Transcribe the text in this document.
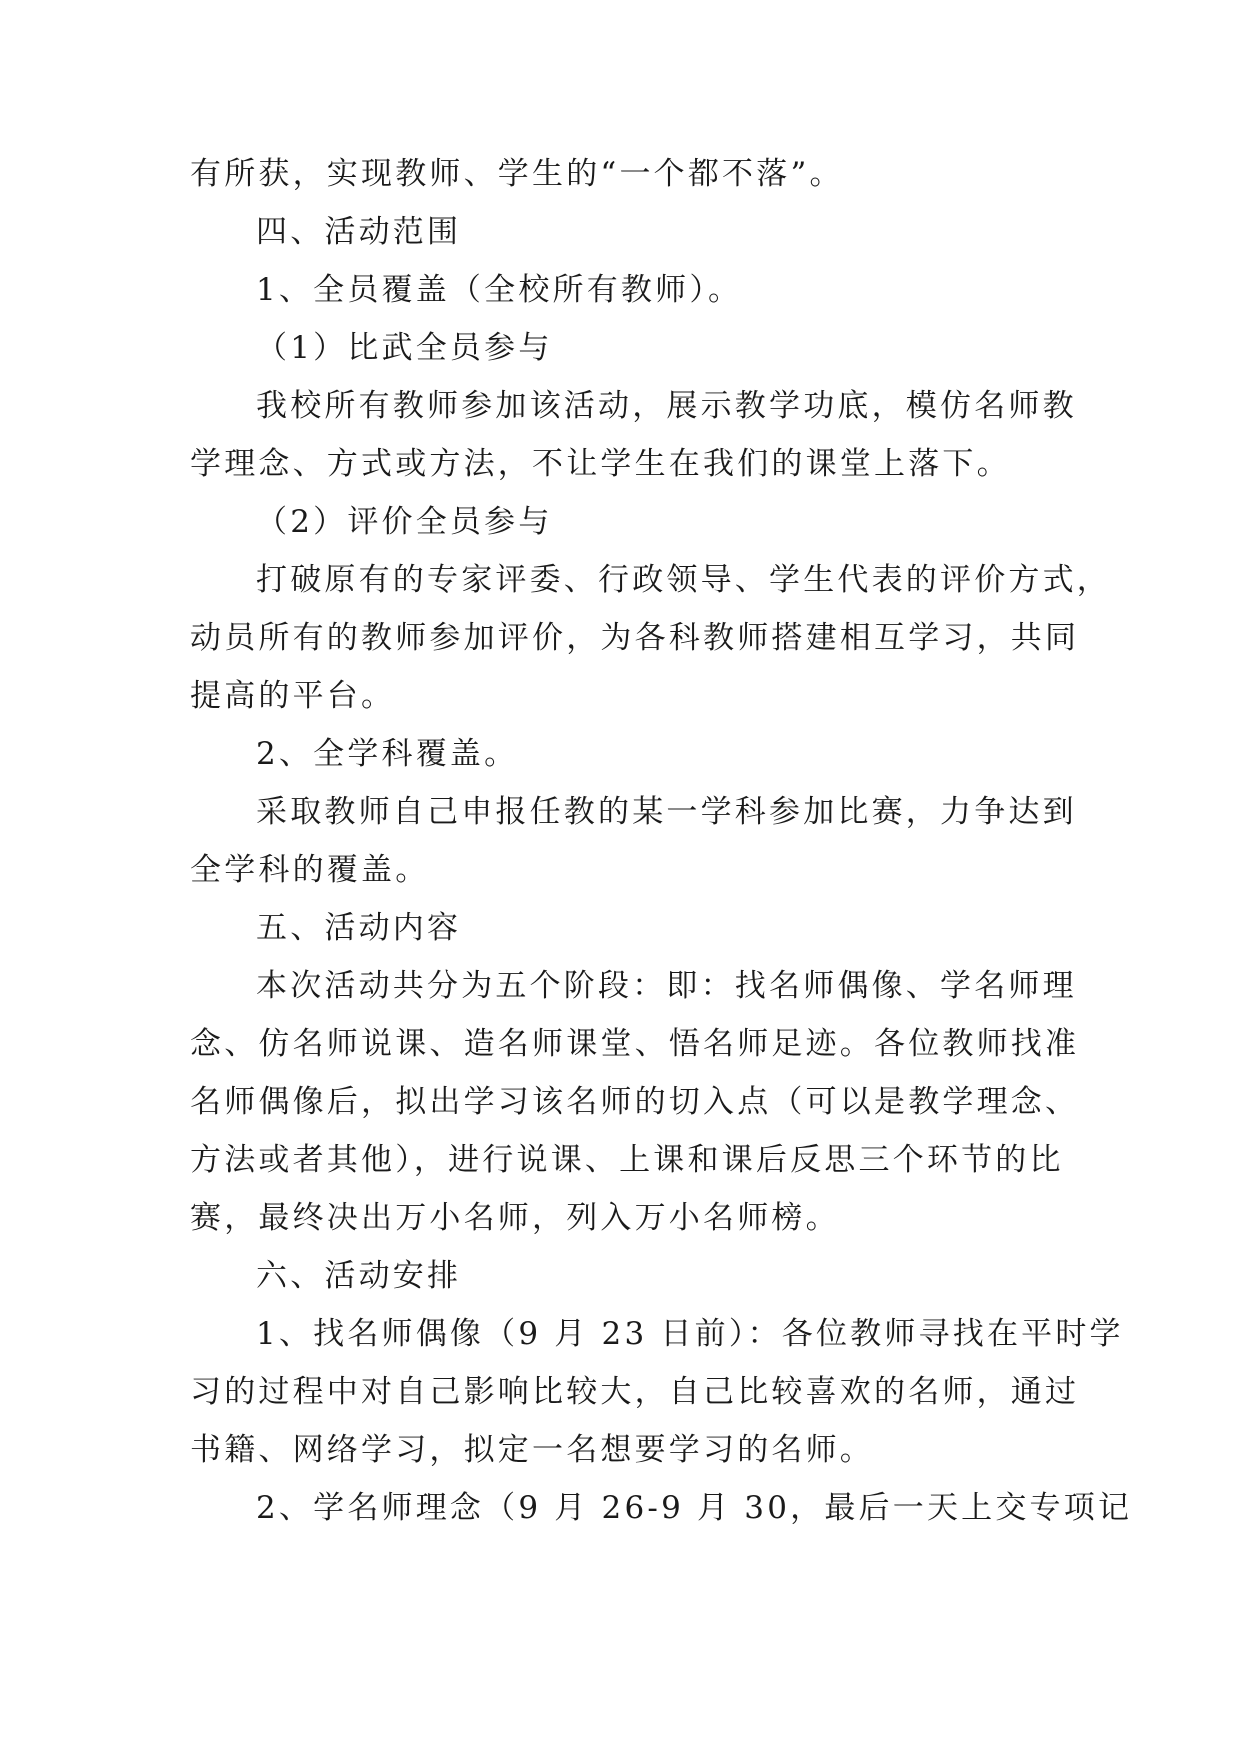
有所获，实现教师、学生的“一个都不落”。
四、活动范围
1、全员覆盖（全校所有教师）。
（1）比武全员参与
我校所有教师参加该活动，展示教学功底，模仿名师教
学理念、方式或方法，不让学生在我们的课堂上落下。
（2）评价全员参与
打破原有的专家评委、行政领导、学生代表的评价方式，
动员所有的教师参加评价，为各科教师搭建相互学习，共同
提高的平台。
2、全学科覆盖。
采取教师自己申报任教的某一学科参加比赛，力争达到
全学科的覆盖。
五、活动内容
本次活动共分为五个阶段：即：找名师偶像、学名师理
念、仿名师说课、造名师课堂、悟名师足迹。各位教师找准
名师偶像后，拟出学习该名师的切入点（可以是教学理念、
方法或者其他），进行说课、上课和课后反思三个环节的比
赛，最终决出万小名师，列入万小名师榜。
六、活动安排
1、找名师偶像（9 月 23 日前）：各位教师寻找在平时学
习的过程中对自己影响比较大，自己比较喜欢的名师，通过
书籍、网络学习，拟定一名想要学习的名师。
2、学名师理念（9 月 26-9 月 30，最后一天上交专项记
